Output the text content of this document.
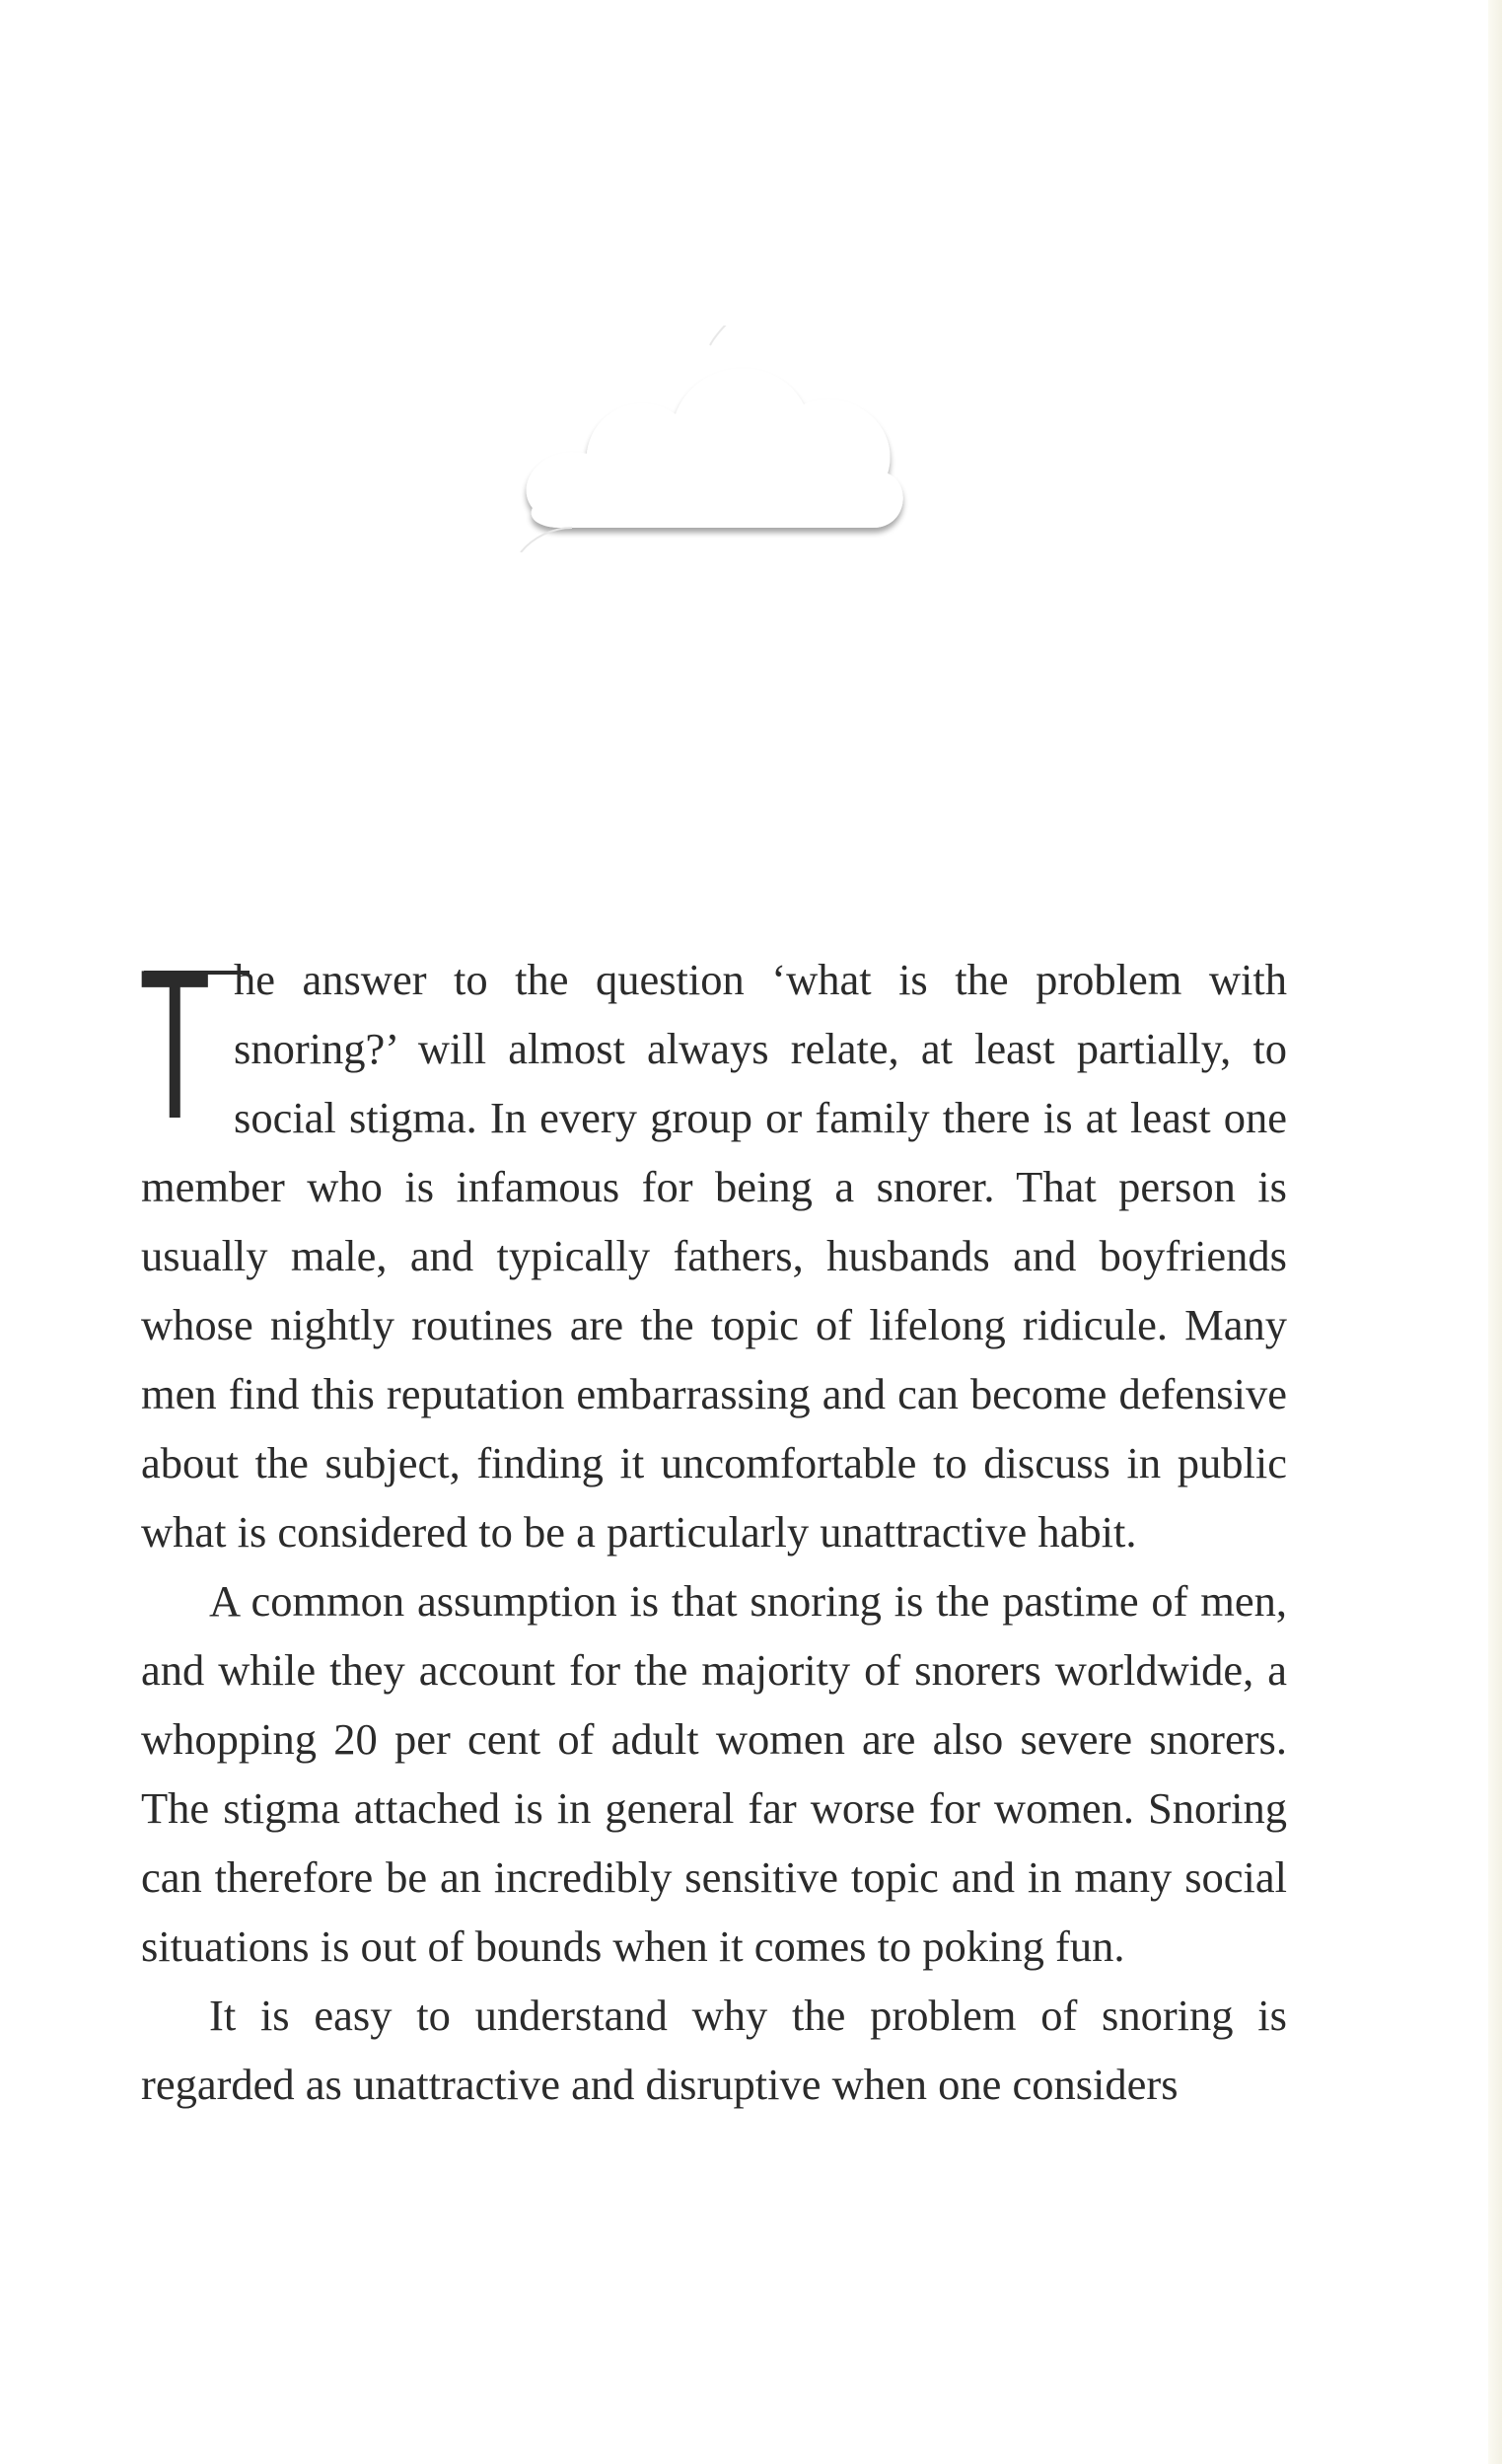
The answer to the question ‘what is the problem with snoring?’ will almost always relate, at least partially, to social stigma. In every group or family there is at least one member who is infamous for being a snorer. That person is usually male, and typically fathers, husbands and boyfriends whose nightly routines are the topic of lifelong ridicule. Many men find this reputation embarrassing and can become defensive about the subject, finding it uncomfortable to discuss in public what is considered to be a particularly unattractive habit.

A common assumption is that snoring is the pastime of men, and while they account for the majority of snorers worldwide, a whopping 20 per cent of adult women are also severe snorers. The stigma attached is in general far worse for women. Snoring can therefore be an incredibly sensitive topic and in many social situations is out of bounds when it comes to poking fun.

It is easy to understand why the problem of snoring is regarded as unattractive and disruptive when one considers
